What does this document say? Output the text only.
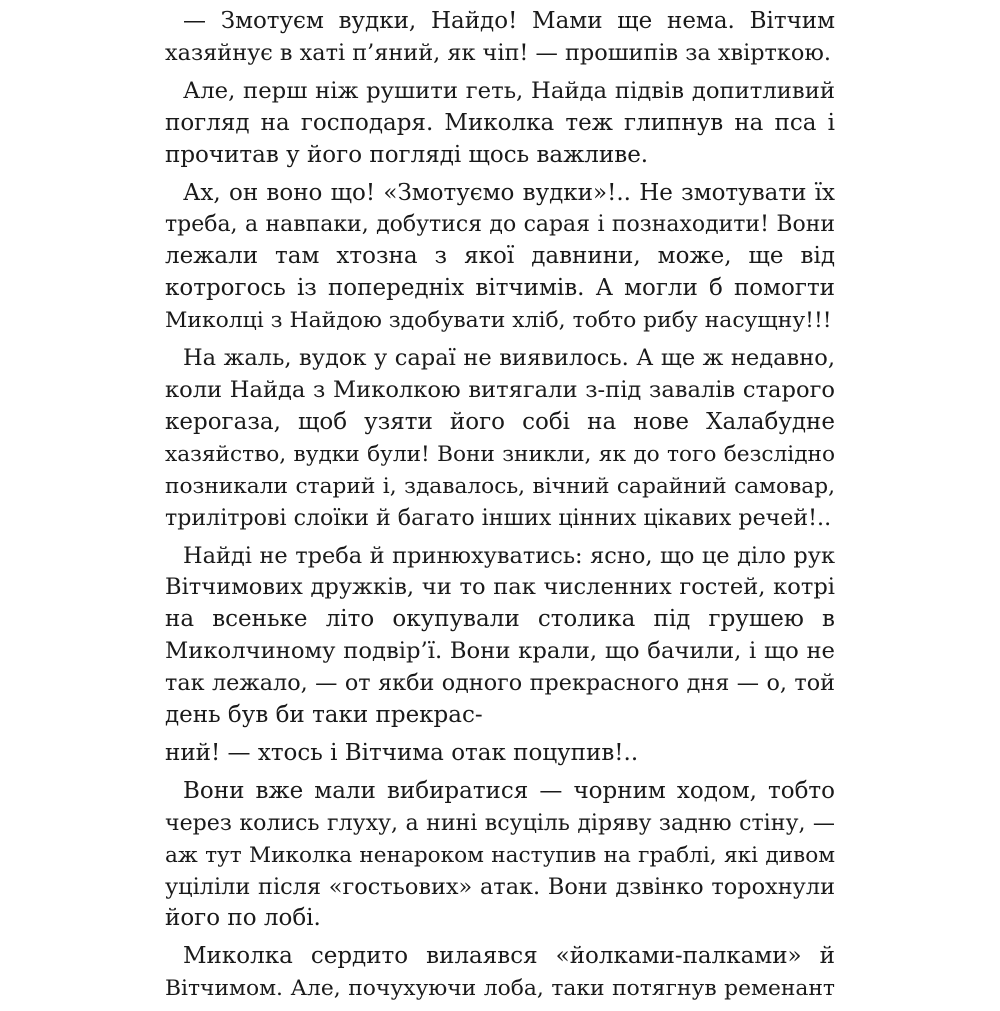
— Змотуєм вудки, Найдо! Мами ще нема. Вітчим
хазяйнує в хаті п’яний, як чіп! — прошипів за хвірткою.

Але, перш ніж рушити геть, Найда підвів допитливий
погляд на господаря. Миколка теж глипнув на пса і
прочитав у його погляді щось важливе.

Ах, он воно що! «Змотуємо вудки»!.. Не змотувати їх
треба, а навпаки, добутися до сарая і познаходити! Вони
лежали там хтозна з якої давнини, може, ще від
котрогось із попередніх вітчимів. А могли б помогти
Миколці з Найдою здобувати хліб, тобто рибу насущну!!!

На жаль, вудок у сараї не виявилось. А ще ж недавно,
коли Найда з Миколкою витягали з-під завалів старого
керогаза, щоб узяти його собі на нове Халабудне
хазяйство, вудки були! Вони зникли, як до того безслідно
позникали старий і, здавалось, вічний сарайний самовар,
трилітрові слоїки й багато інших цінних цікавих речей!..

Найді не треба й принюхуватись: ясно, що це діло рук
Вітчимових дружків, чи то пак численних гостей, котрі
на всеньке літо окупували столика під грушею в
Миколчиному подвір’ї. Вони крали, що бачили, і що не
так лежало, — от якби одного прекрасного дня — о, той
день був би таки прекрас-

ний! — хтось і Вітчима отак поцупив!..

Вони вже мали вибиратися — чорним ходом, тобто
через колись глуху, а нині всуціль діряву задню стіну, —
аж тут Миколка ненароком наступив на граблі, які дивом
уціліли після «гостьових» атак. Вони дзвінко торохнули
його по лобі.

Миколка сердито вилаявся «йолками-палками» й
Вітчимом. Але, почухуючи лоба, таки потягнув ременант
